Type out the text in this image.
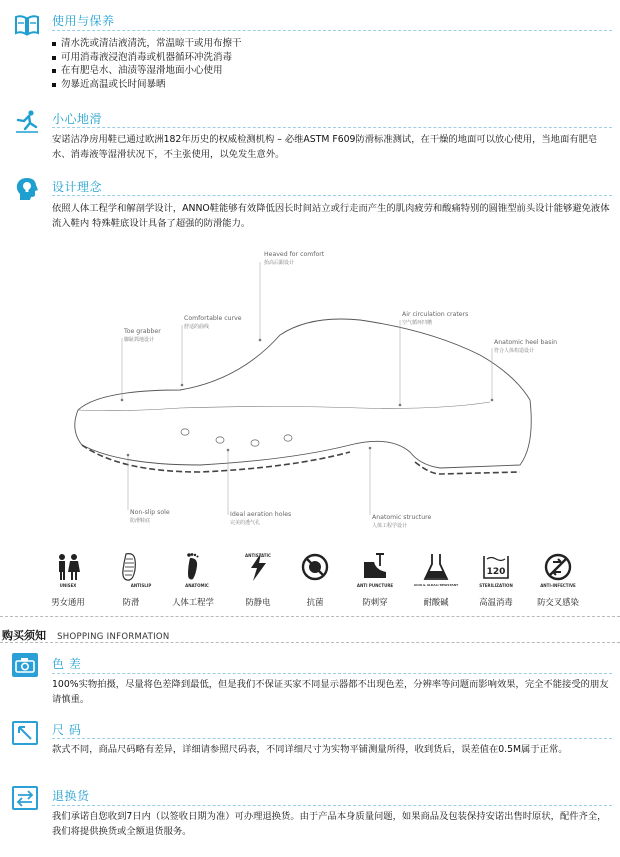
使用与保养
清水洗或清洁液清洗，常温晾干或用布擦干
可用消毒液浸泡消毒或机器循环冲洗消毒
在有肥皂水、油渍等湿滑地面小心使用
勿暴近高温或长时间暴晒
小心地滑
安诺洁净房用鞋已通过欧洲182年历史的权威检测机构 – 必维ASTM F609防滑标准测试，在干燥的地面可以放心使用，当地面有肥皂水、消毒液等湿滑状况下，不主张使用，以免发生意外。
设计理念
依照人体工程学和解剖学设计，ANNO鞋能够有效降低因长时间站立或行走而产生的肌肉疲劳和酸痛特别的圆锥型前头设计能够避免液体流入鞋内 特殊鞋底设计具备了超强的防滑能力。
Heaved for comfort
抬高后跟设计
Comfortable curve
舒适的曲线
Toe grabber
脚趾抓地设计
Air circulation craters
空气循环凹槽
Anatomic heel basin
符合人体构造设计
Non-slip sole
防滑鞋底
Ideal aeration holes
完美的透气孔
Anatomic structure
人体工程学设计
UNISEX
男女通用
ANTISLIP
防滑
ANATOMIC
人体工程学
ANTISTATIC
防静电	抗菌
ANTI PUNCTURE
防刺穿
ACID & ALKALI RESISTANT
耐酸碱
120
STERILIZATION
高温消毒
ANTI-INFECTIVE
防交叉感染
购买须知 SHOPPING INFORMATION
色 差
100%实物拍摄，尽量将色差降到最低，但是我们不保证买家不同显示器都不出现色差，分辨率等问题而影响效果，完全不能接受的朋友请慎重。
尺 码
款式不同，商品尺码略有差异，详细请参照尺码表，不同详细尺寸为实物平铺测量所得，收到货后，误差值在0.5M属于正常。
退换货
我们承诺自您收到7日内（以签收日期为准）可办理退换货。由于产品本身质量问题，如果商品及包装保持安诺出售时原状，配件齐全，我们将提供换货或全额退货服务。
